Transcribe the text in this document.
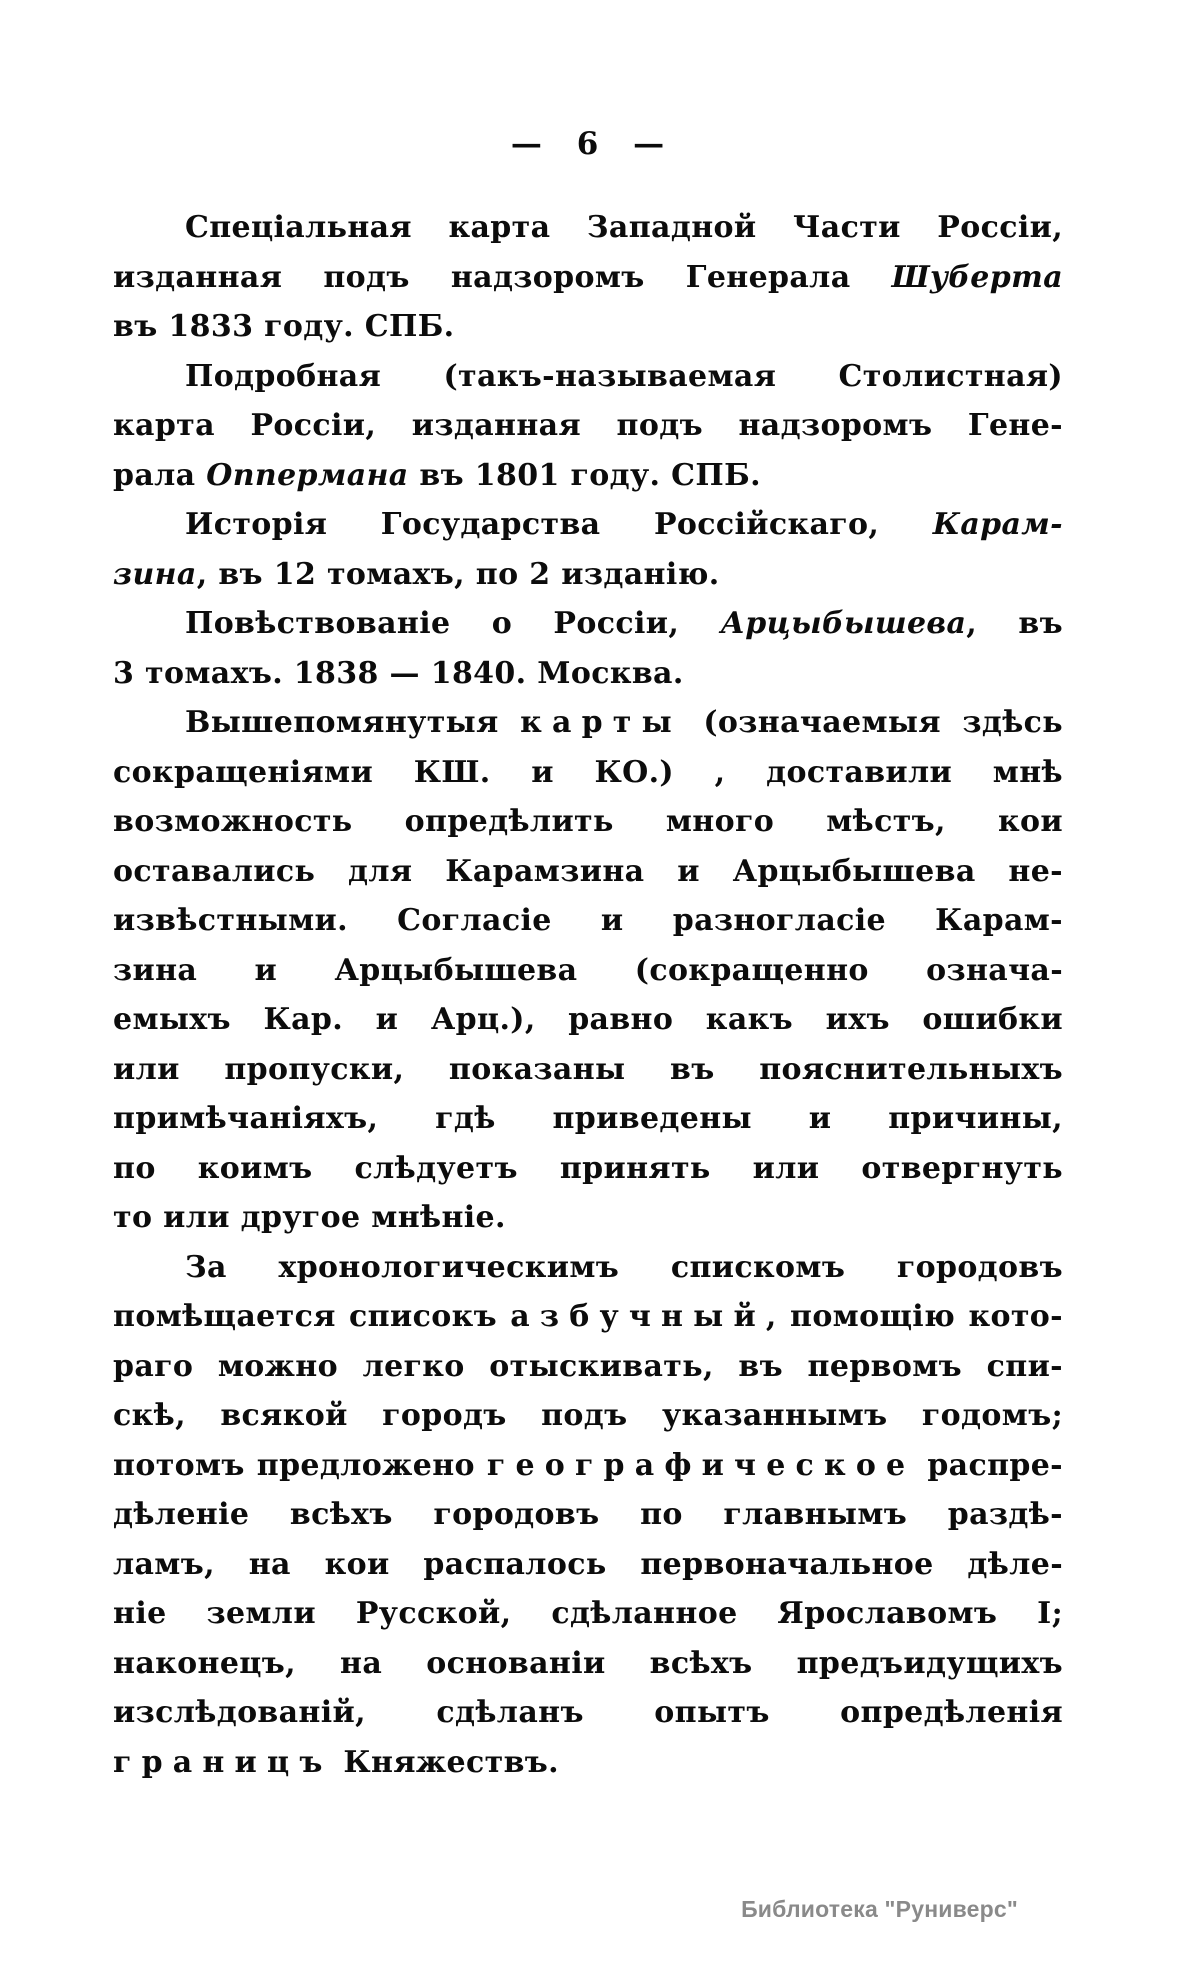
— 6 —
Спеціальная карта Западной Части Россіи,
изданная подъ надзоромъ Генерала Шуберта
въ 1833 году. СПБ.
Подробная (такъ-называемая Столистная)
карта Россіи, изданная подъ надзоромъ Гене-
рала Оппермана въ 1801 году. СПБ.
Исторія Государства Россійскаго, Карам-
зина, въ 12 томахъ, по 2 изданію.
Повѣствованіе о Россіи, Арцыбышева, въ
3 томахъ. 1838 — 1840. Москва.
Вышепомянутыя карты (означаемыя здѣсь
сокращеніями КШ. и КО.) , доставили мнѣ
возможность опредѣлить много мѣстъ, кои
оставались для Карамзина и Арцыбышева не-
извѣстными. Согласіе и разногласіе Карам-
зина и Арцыбышева (сокращенно означа-
емыхъ Кар. и Арц.), равно какъ ихъ ошибки
или пропуски, показаны въ пояснительныхъ
примѣчаніяхъ, гдѣ приведены и причины,
по коимъ слѣдуетъ принять или отвергнуть
то или другое мнѣніе.
За хронологическимъ спискомъ городовъ
помѣщается списокъ азбучный, помощію кото-
раго можно легко отыскивать, въ первомъ спи-
скѣ, всякой городъ подъ указаннымъ годомъ;
потомъ предложено географическое распре-
дѣленіе всѣхъ городовъ по главнымъ раздѣ-
ламъ, на кои распалось первоначальное дѣле-
ніе земли Русской, сдѣланное Ярославомъ I;
наконецъ, на основаніи всѣхъ предъидущихъ
изслѣдованій, сдѣланъ опытъ опредѣленія
границъ Княжествъ.
Библиотека "Руниверс"
